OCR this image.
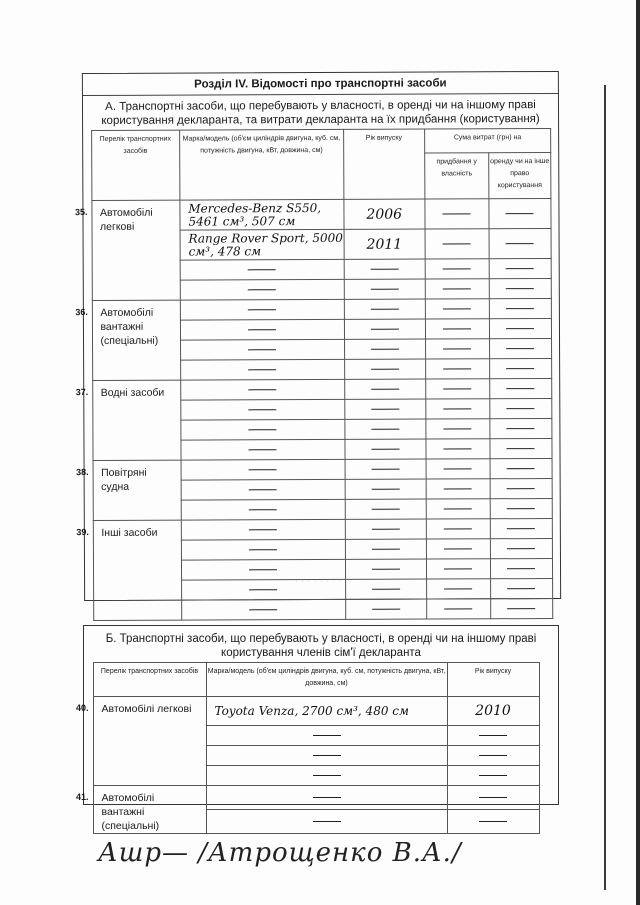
Розділ IV. Відомості про транспортні засоби
А. Транспортні засоби, що перебувають у власності, в оренді чи на іншому праві користування декларанта, та витрати декларанта на їх придбання (користування)
	Перелік транспортних засобів	Марка/модель (об'єм циліндрів двигуна, куб. см, потужність двигуна, кВт, довжина, см)	Рік випуску	Сума витрат (грн) на	
			придбання у власність	оренду чи на інше право користування

35.	Автомобілі легкові	Mercedes-Benz S550, 5461 см³, 507 см	2006		
	Range Rover Sport, 5000 см³, 478 см	2011		

36.	Автомобілі вантажні (спеціальні)				

37.	Водні засоби				

38.	Повітряні судна				

39.	Інші засоби				

· · · · · · · ·
Б. Транспортні засоби, що перебувають у власності, в оренді чи на іншому праві користування членів сім'ї декларанта
	Перелік транспортних засобів	Марка/модель (об'єм циліндрів двигуна, куб. см, потужність двигуна, кВт, довжина, см)	Рік випуску
40.	Автомобілі легкові	Toyota Venza, 2700 см³, 480 см	2010

41.	Автомобілі вантажні (спеціальні)		

Ашр— /Атрощенко В.А./
